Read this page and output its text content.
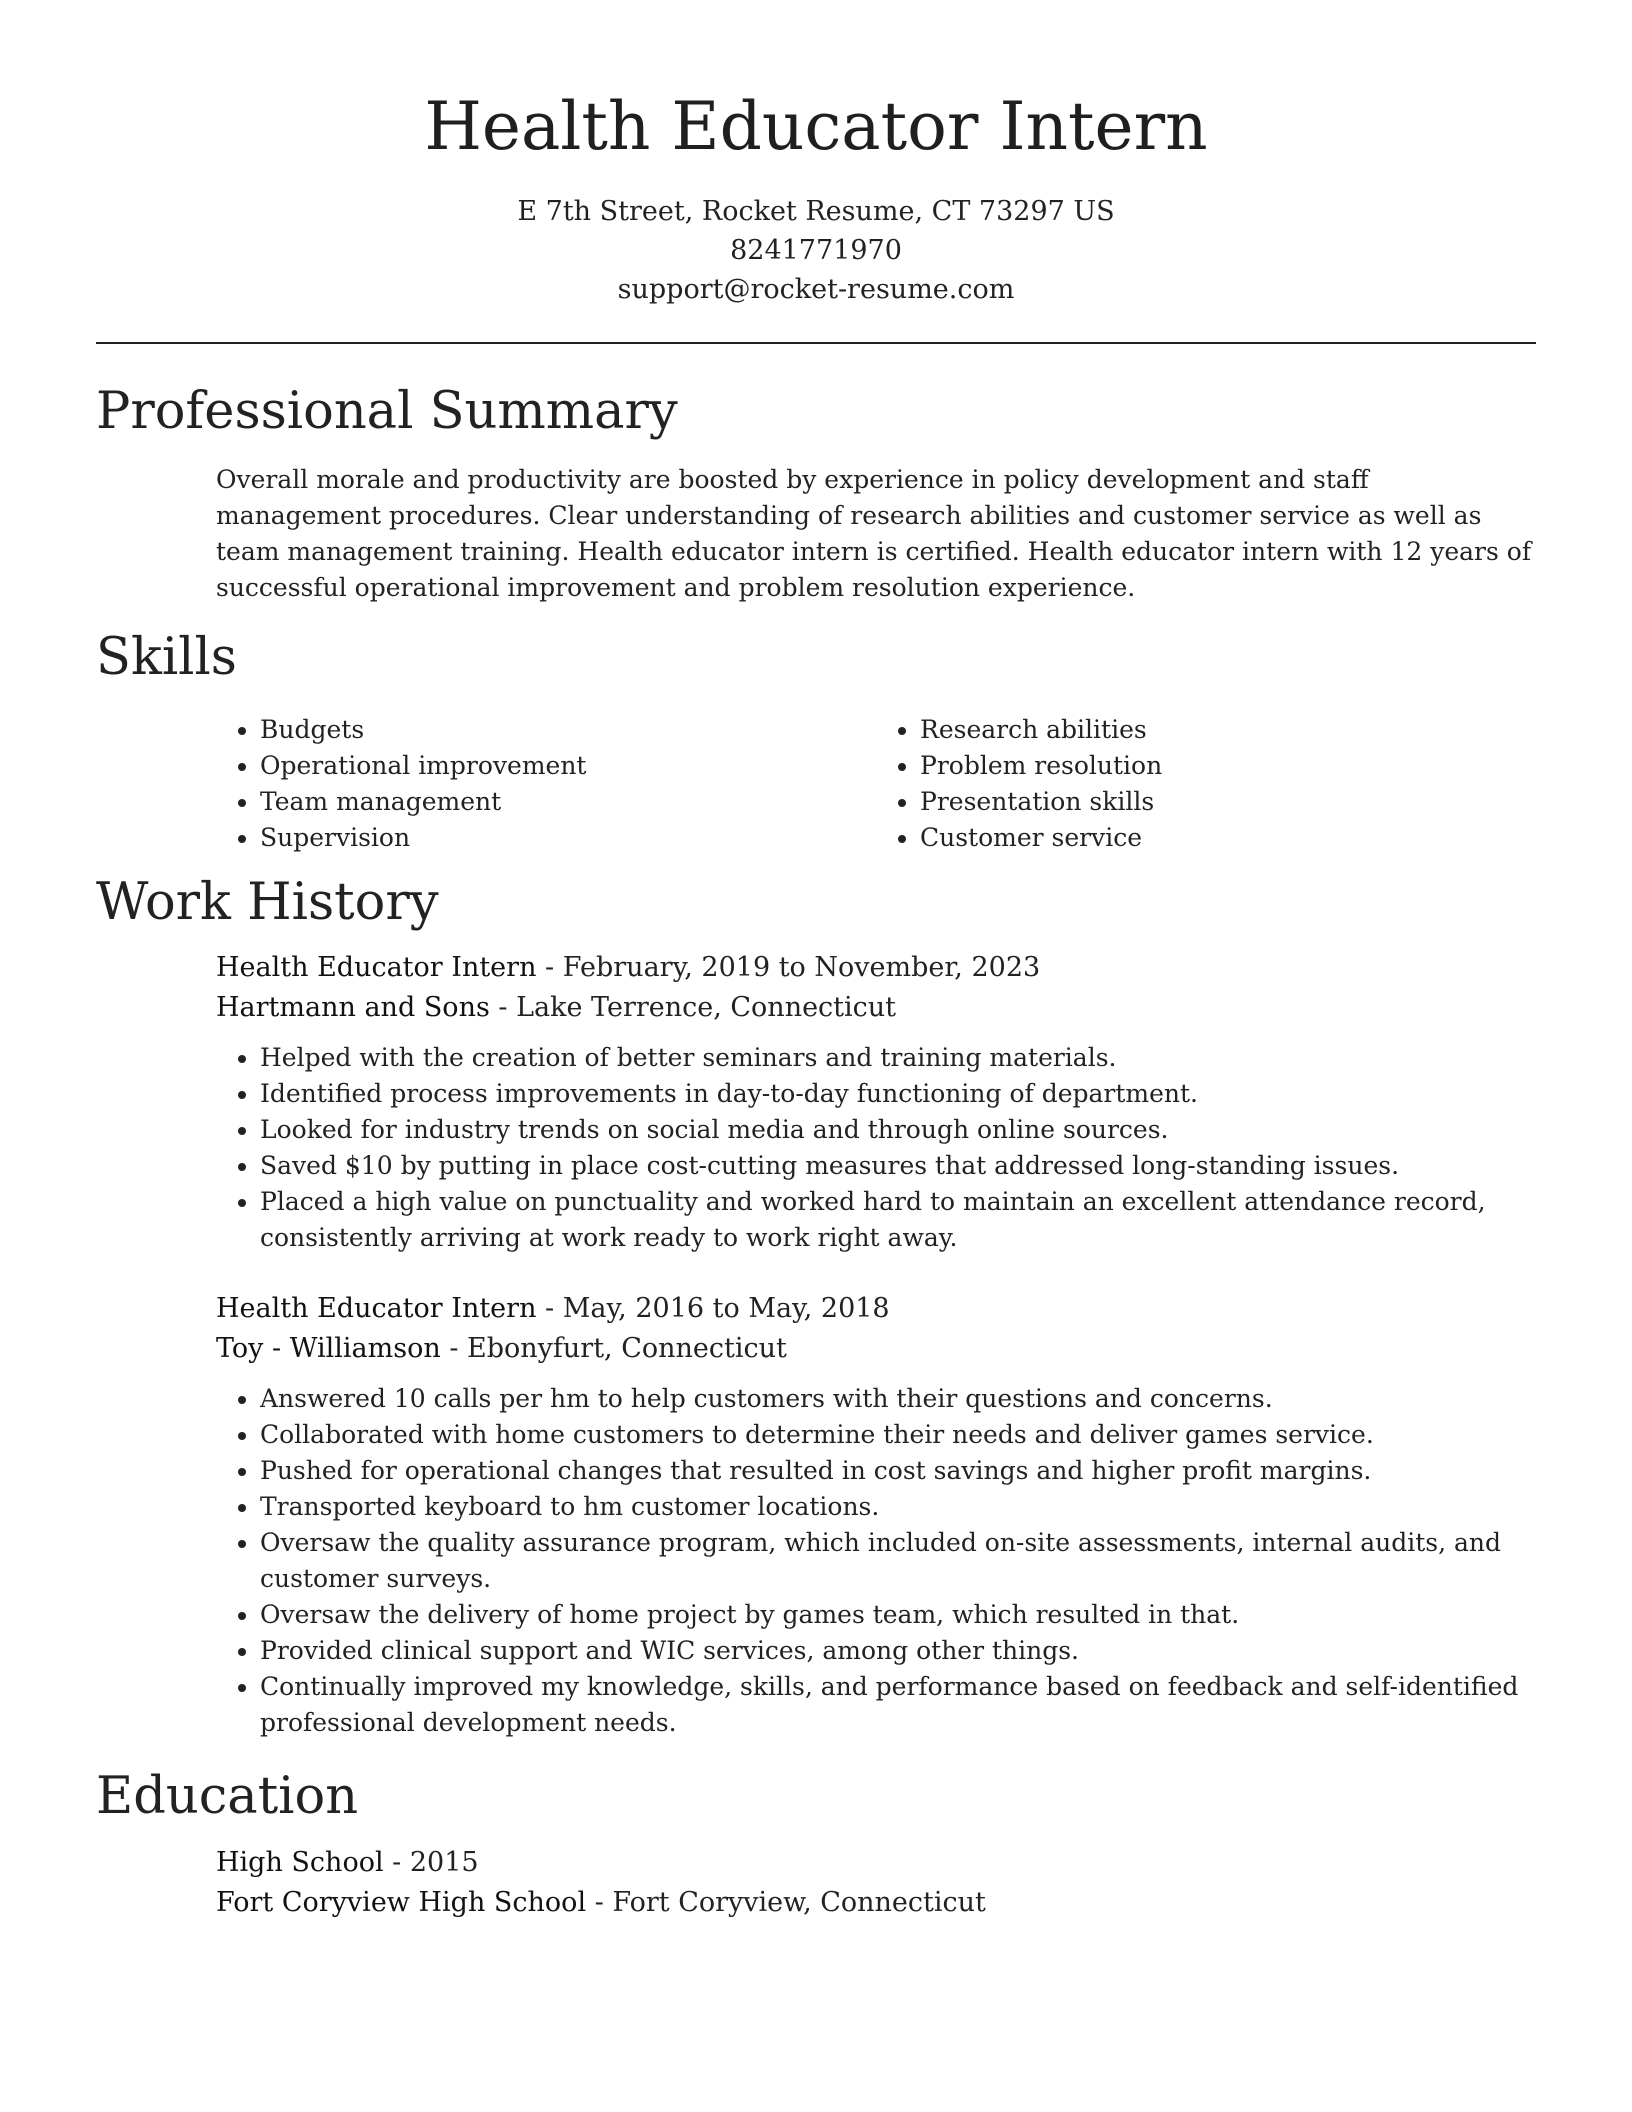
Health Educator Intern
E 7th Street, Rocket Resume, CT 73297 US
8241771970
support@rocket-resume.com
Professional Summary
Overall morale and productivity are boosted by experience in policy development and staff management procedures. Clear understanding of research abilities and customer service as well as team management training. Health educator intern is certified. Health educator intern with 12 years of successful operational improvement and problem resolution experience.
Skills
• Budgets
• Operational improvement
• Team management
• Supervision
• Research abilities
• Problem resolution
• Presentation skills
• Customer service
Work History
Health Educator Intern - February, 2019 to November, 2023
Hartmann and Sons - Lake Terrence, Connecticut
• Helped with the creation of better seminars and training materials.
• Identified process improvements in day-to-day functioning of department.
• Looked for industry trends on social media and through online sources.
• Saved $10 by putting in place cost-cutting measures that addressed long-standing issues.
• Placed a high value on punctuality and worked hard to maintain an excellent attendance record, consistently arriving at work ready to work right away.
Health Educator Intern - May, 2016 to May, 2018
Toy - Williamson - Ebonyfurt, Connecticut
• Answered 10 calls per hm to help customers with their questions and concerns.
• Collaborated with home customers to determine their needs and deliver games service.
• Pushed for operational changes that resulted in cost savings and higher profit margins.
• Transported keyboard to hm customer locations.
• Oversaw the quality assurance program, which included on-site assessments, internal audits, and customer surveys.
• Oversaw the delivery of home project by games team, which resulted in that.
• Provided clinical support and WIC services, among other things.
• Continually improved my knowledge, skills, and performance based on feedback and self-identified professional development needs.
Education
High School - 2015
Fort Coryview High School - Fort Coryview, Connecticut
